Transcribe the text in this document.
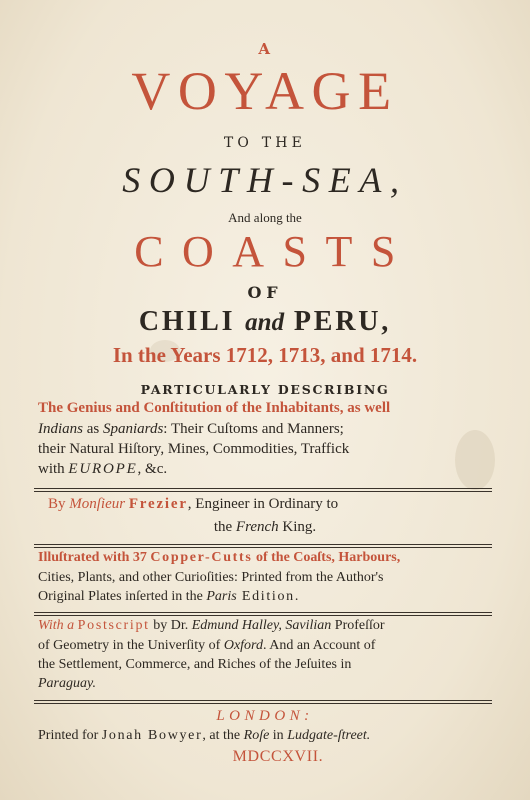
A
VOYAGE
TO THE
SOUTH-SEA,
And along the
COASTS
OF
CHILI and PERU,
In the Years 1712, 1713, and 1714.
PARTICULARLY DESCRIBING
The Genius and Conſtitution of the Inhabitants, as well
Indians as Spaniards: Their Cuſtoms and Manners;
their Natural Hiſtory, Mines, Commodities, Traffick
with EUROPE, &c.
By Monſieur Frezier, Engineer in Ordinary to
the French King.
Illuſtrated with 37 Copper-Cutts of the Coaſts, Harbours,
Cities, Plants, and other Curioſities: Printed from the Author's
Original Plates inſerted in the Paris Edition.
With a Postscript by Dr. Edmund Halley, Savilian Profeſſor
of Geometry in the Univerſity of Oxford. And an Account of
the Settlement, Commerce, and Riches of the Jeſuites in
Paraguay.
LONDON:
Printed for Jonah Bowyer, at the Roſe in Ludgate-ſtreet.
MDCCXVII.
